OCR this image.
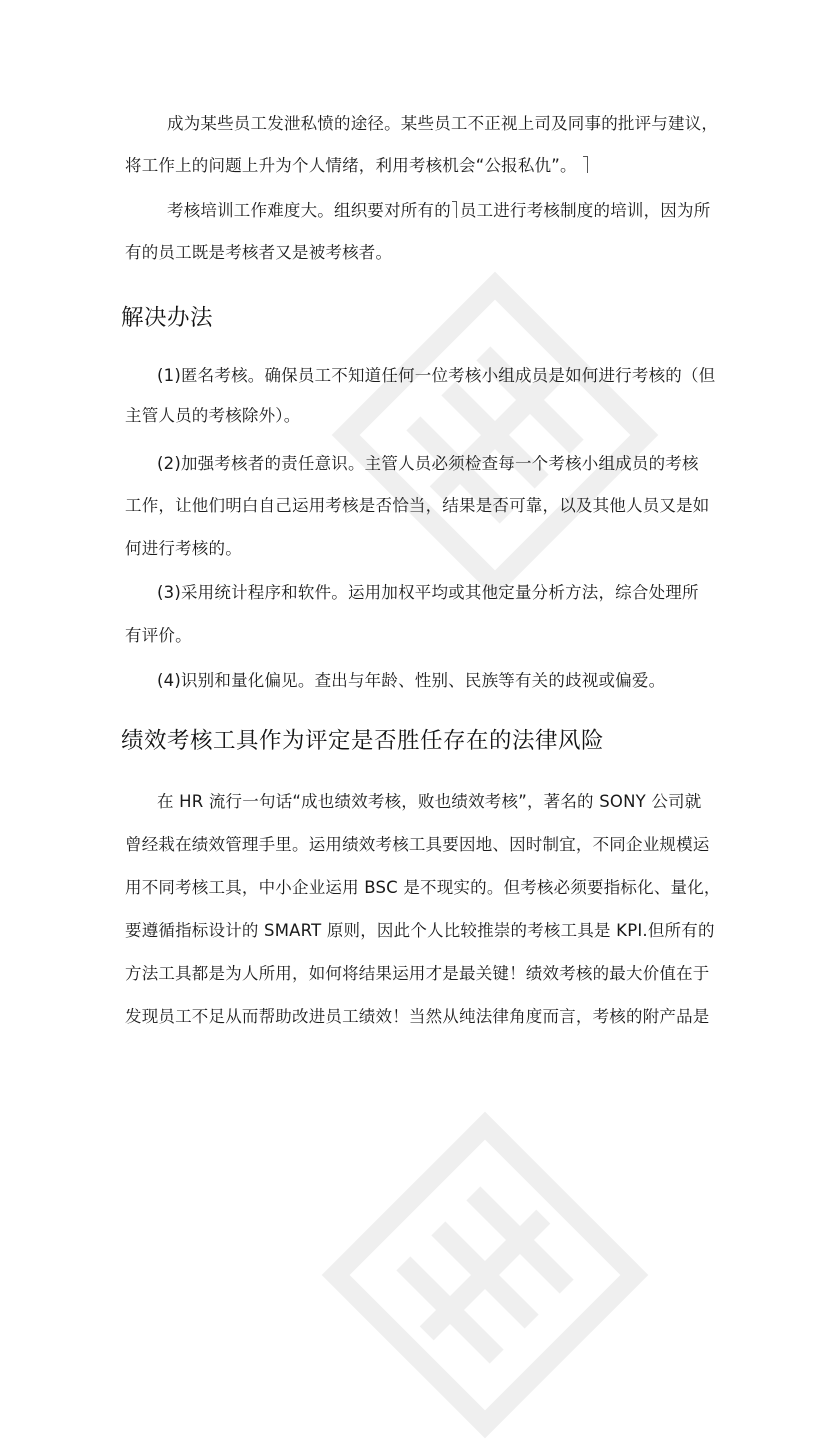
成为某些员工发泄私愤的途径。某些员工不正视上司及同事的批评与建议，
将工作上的问题上升为个人情绪，利用考核机会“公报私仇”。
考核培训工作难度大。组织要对所有的 员工进行考核制度的培训，因为所
有的员工既是考核者又是被考核者。
解决办法
(1)匿名考核。确保员工不知道任何一位考核小组成员是如何进行考核的（但
主管人员的考核除外）。
(2)加强考核者的责任意识。主管人员必须检查每一个考核小组成员的考核
工作，让他们明白自己运用考核是否恰当，结果是否可靠，以及其他人员又是如
何进行考核的。
(3)采用统计程序和软件。运用加权平均或其他定量分析方法，综合处理所
有评价。
(4)识别和量化偏见。查出与年龄、性别、民族等有关的歧视或偏爱。
绩效考核工具作为评定是否胜任存在的法律风险
在 HR 流行一句话“成也绩效考核，败也绩效考核”，著名的 SONY 公司就
曾经栽在绩效管理手里。运用绩效考核工具要因地、因时制宜，不同企业规模运
用不同考核工具，中小企业运用 BSC 是不现实的。但考核必须要指标化、量化，
要遵循指标设计的 SMART 原则，因此个人比较推崇的考核工具是 KPI.但所有的
方法工具都是为人所用，如何将结果运用才是最关键！绩效考核的最大价值在于
发现员工不足从而帮助改进员工绩效！当然从纯法律角度而言，考核的附产品是
